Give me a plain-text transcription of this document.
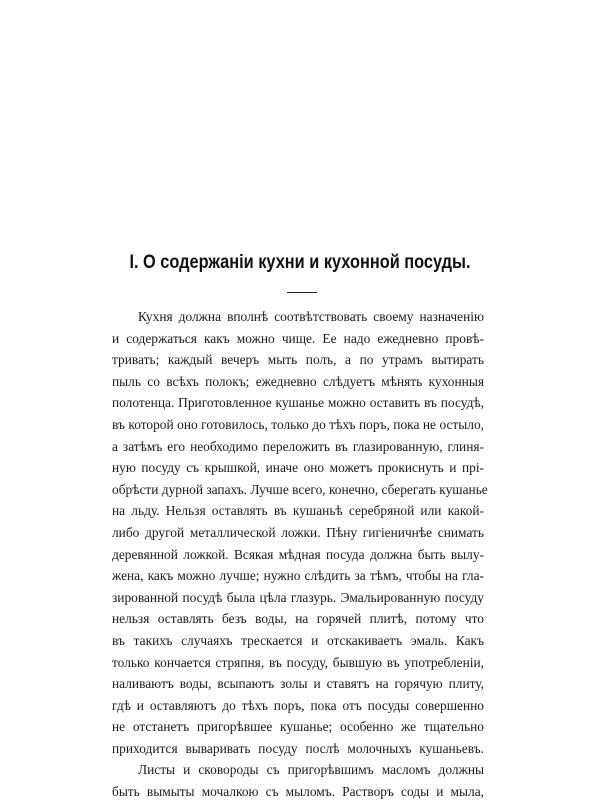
I. О содержанiи кухни и кухонной посуды.
Кухня должна вполнѣ соотвѣтствовать своему назначенiю
и содержаться какъ можно чище. Ее надо ежедневно провѣ-
тривать; каждый вечеръ мыть полъ, а по утрамъ вытирать
пыль со всѣхъ полокъ; ежедневно слѣдуетъ мѣнять кухонныя
полотенца. Приготовленное кушанье можно оставить въ посудѣ,
въ которой оно готовилось, только до тѣхъ поръ, пока не остыло,
а затѣмъ его необходимо переложить въ глазированную, глиня-
ную посуду съ крышкой, иначе оно можетъ прокиснуть и прi-
обрѣсти дурной запахъ. Лучше всего, конечно, сберегать кушанье
на льду. Нельзя оставлять въ кушаньѣ серебряной или какой-
либо другой металлической ложки. Пѣну гигiеничнѣе снимать
деревянной ложкой. Всякая мѣдная посуда должна быть вылу-
жена, какъ можно лучше; нужно слѣдить за тѣмъ, чтобы на гла-
зированной посудѣ была цѣла глазурь. Эмальированную посуду
нельзя оставлять безъ воды, на горячей плитѣ, потому что
въ такихъ случаяхъ трескается и отскакиваетъ эмаль. Какъ
только кончается стряпня, въ посуду, бывшую въ употребленiи,
наливаютъ воды, всыпаютъ золы и ставятъ на горячую плиту,
гдѣ и оставляютъ до тѣхъ поръ, пока отъ посуды совершенно
не отстанетъ пригорѣвшее кушанье; особенно же тщательно
приходится вываривать посуду послѣ молочныхъ кушаньевъ.
Листы и сковороды съ пригорѣвшимъ масломъ должны
быть вымыты мочалкою съ мыломъ. Растворъ соды и мыла,
